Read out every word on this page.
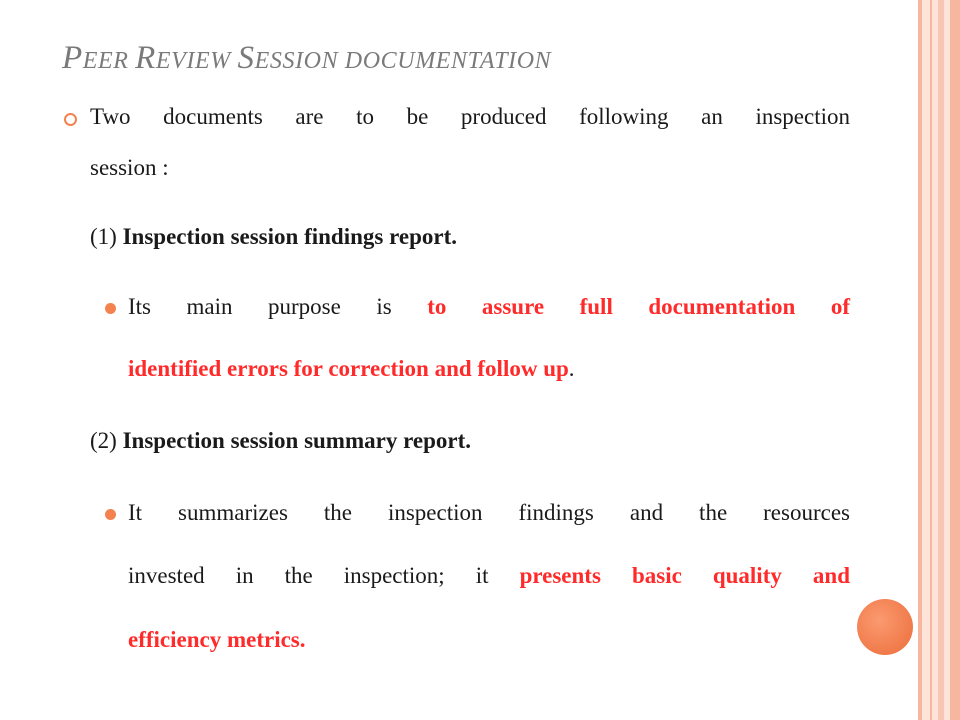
PEER REVIEW SESSION DOCUMENTATION
Two documents are to be produced following an inspection
session :
(1) Inspection session findings report.
Its main purpose is to assure full documentation of
identified errors for correction and follow up.
(2) Inspection session summary report.
It summarizes the inspection findings and the resources
invested in the inspection; it presents basic quality and
efficiency metrics.
